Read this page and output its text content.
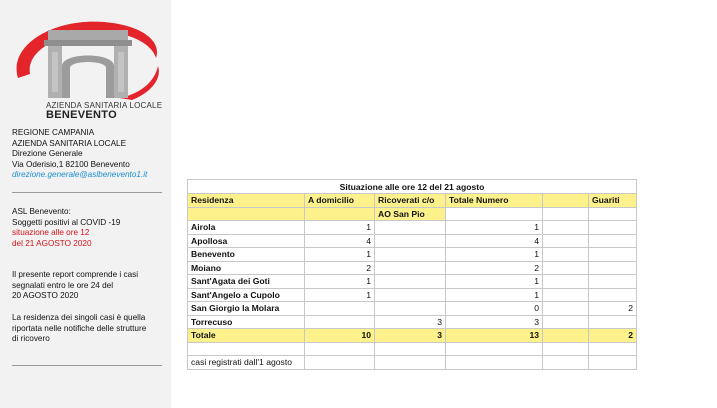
AZIENDA SANITARIA LOCALE
BENEVENTO
REGIONE CAMPANIA
AZIENDA SANITARIA LOCALE
Direzione Generale
Via Oderisio,1 82100 Benevento
direzione.generale@aslbenevento1.it
ASL Benevento:
Soggetti positivi al COVID -19
situazione alle ore 12
del 21 AGOSTO 2020
Il presente report comprende i casi
segnalati entro le ore 24 del
20 AGOSTO 2020
La residenza dei singoli casi è quella
riportata nelle notifiche delle strutture
di ricovero
Situazione alle ore 12 del 21 agosto					
Residenza	A domicilio	Ricoverati c/o	Totale Numero		Guariti
		AO San Pio			
Airola	1		1		
Apollosa	4		4		
Benevento	1		1		
Moiano	2		2		
Sant'Agata dei Goti	1		1		
Sant'Angelo a Cupolo	1		1		
San Giorgio la Molara			0		2
Torrecuso		3	3		
Totale	10	3	13		2

casi registrati dall'1 agosto					
